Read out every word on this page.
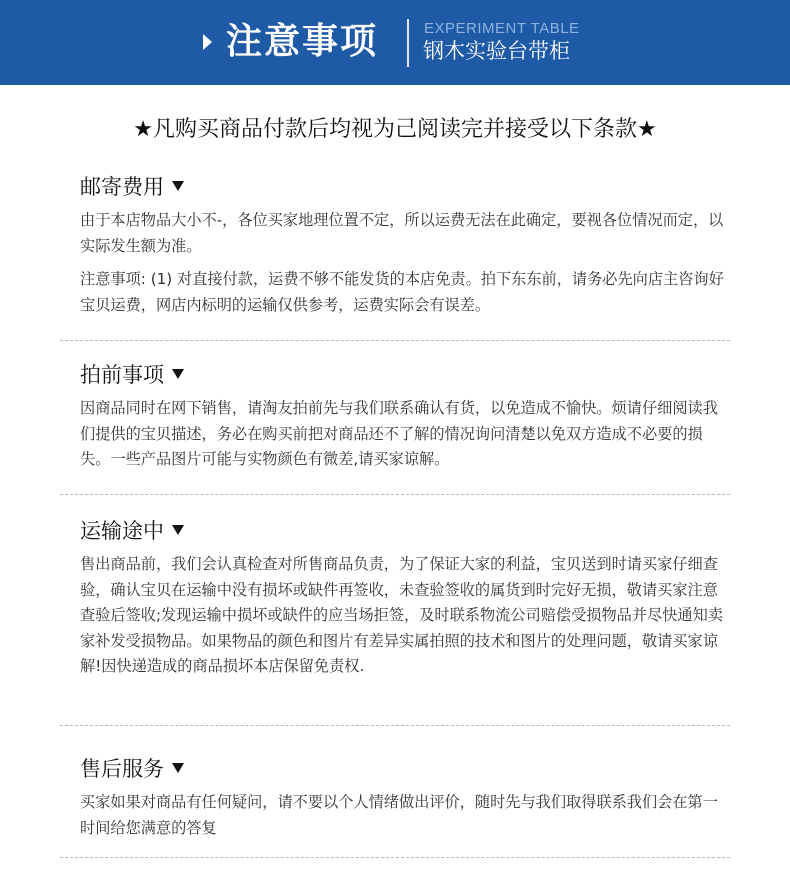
注意事项	EXPERIMENT TABLE
钢木实验台带柜
★凡购买商品付款后均视为己阅读完并接受以下条款★
邮寄费用

由于本店物品大小不-，各位买家地理位置不定，所以运费无法在此确定，要视各位情况而定，以实际发生额为准。

注意事项: (1) 对直接付款，运费不够不能发货的本店免责。拍下东东前，请务必先向店主咨询好宝贝运费，网店内标明的运输仅供参考，运费实际会有误差。

拍前事项

因商品同时在网下销售，请淘友拍前先与我们联系确认有货，以免造成不愉快。烦请仔细阅读我们提供的宝贝描述，务必在购买前把对商品还不了解的情况询问清楚以免双方造成不必要的损失。一些产品图片可能与实物颜色有微差,请买家谅解。

运输途中

售出商品前，我们会认真检查对所售商品负责，为了保证大家的利益，宝贝送到时请买家仔细查验，确认宝贝在运输中没有损坏或缺件再签收，未查验签收的属货到时完好无损，敬请买家注意查验后签收;发现运输中损坏或缺件的应当场拒签，及时联系物流公司赔偿受损物品并尽快通知卖家补发受损物品。如果物品的颜色和图片有差异实属拍照的技术和图片的处理问题，敬请买家谅解!因快递造成的商品损坏本店保留免责权.

售后服务

买家如果对商品有任何疑问，请不要以个人情绪做出评价，随时先与我们取得联系我们会在第一时间给您满意的答复
